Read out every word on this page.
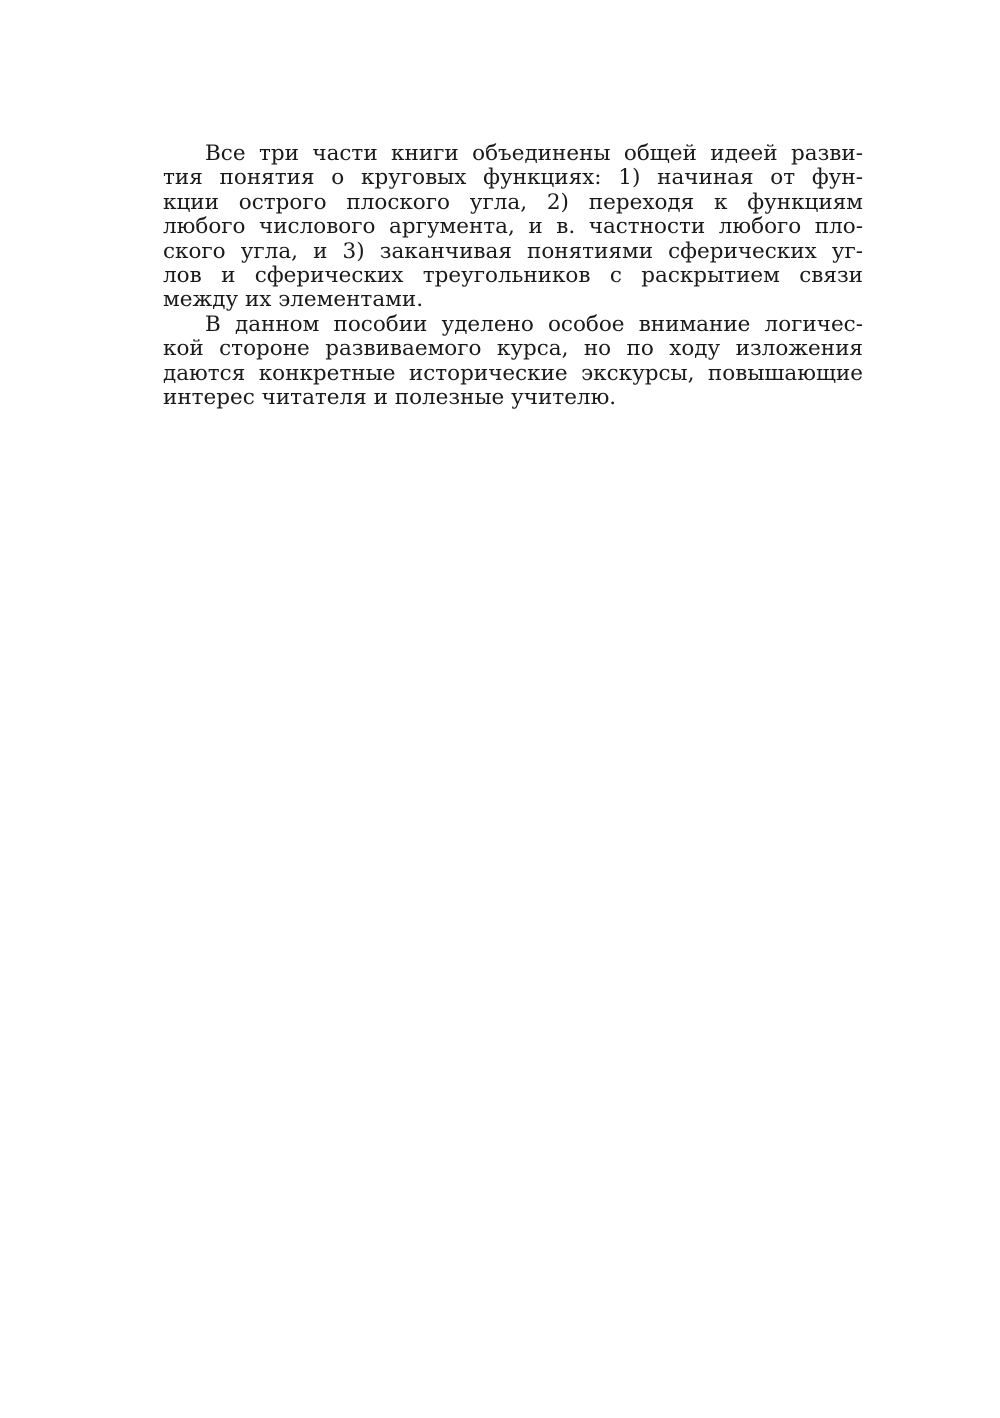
Все три части книги объединены общей идеей разви-
тия понятия о круговых функциях: 1) начиная от фун-
кции острого плоского угла, 2) переходя к функциям
любого числового аргумента, и в. частности любого пло-
ского угла, и 3) заканчивая понятиями сферических уг-
лов и сферических треугольников с раскрытием связи
между их элементами.
В данном пособии уделено особое внимание логичес-
кой стороне развиваемого курса, но по ходу изложения
даются конкретные исторические экскурсы, повышающие
интерес читателя и полезные учителю.
